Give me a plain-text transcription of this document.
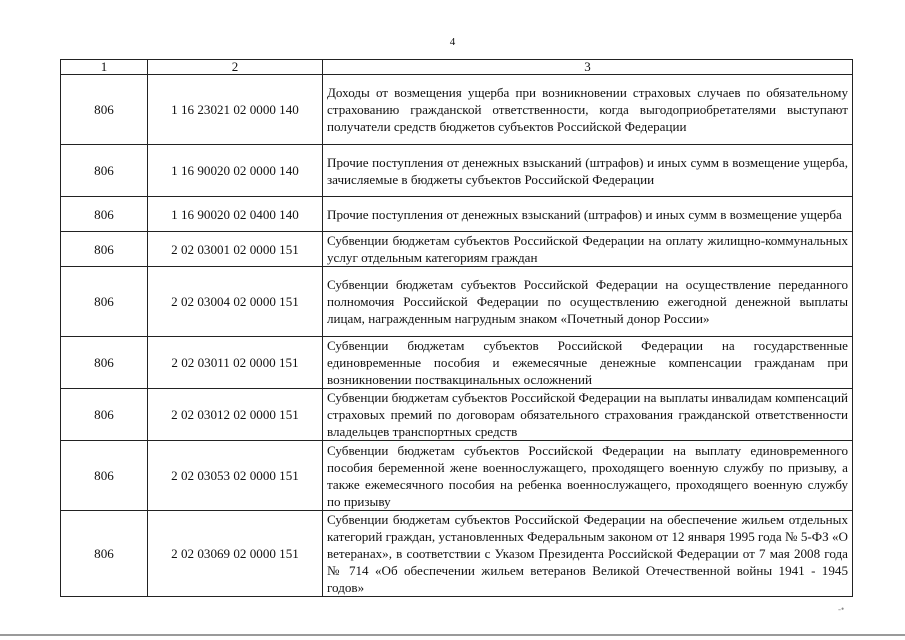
4
1	2	3
806	1 16 23021 02 0000 140	Доходы от возмещения ущерба при возникновении страховых случаев по обязательному страхованию гражданской ответственности, когда выгодоприобретателями выступают получатели средств бюджетов субъектов Российской Федерации
806	1 16 90020 02 0000 140	Прочие поступления от денежных взысканий (штрафов) и иных сумм в возмещение ущерба, зачисляемые в бюджеты субъектов Российской Федерации
806	1 16 90020 02 0400 140	Прочие поступления от денежных взысканий (штрафов) и иных сумм в возмещение ущерба
806	2 02 03001 02 0000 151	Субвенции бюджетам субъектов Российской Федерации на оплату жилищно-коммунальных услуг отдельным категориям граждан
806	2 02 03004 02 0000 151	Субвенции бюджетам субъектов Российской Федерации на осуществление переданного полномочия Российской Федерации по осуществлению ежегодной денежной выплаты лицам, награжденным нагрудным знаком «Почетный донор России»
806	2 02 03011 02 0000 151	Субвенции бюджетам субъектов Российской Федерации на государственные единовременные пособия и ежемесячные денежные компенсации гражданам при возникновении поствакцинальных осложнений
806	2 02 03012 02 0000 151	Субвенции бюджетам субъектов Российской Федерации на выплаты инвалидам компенсаций страховых премий по договорам обязательного страхования гражданской ответственности владельцев транспортных средств
806	2 02 03053 02 0000 151	Субвенции бюджетам субъектов Российской Федерации на выплату единовременного пособия беременной жене военнослужащего, проходящего военную службу по призыву, а также ежемесячного пособия на ребенка военнослужащего, проходящего военную службу по призыву
806	2 02 03069 02 0000 151	Субвенции бюджетам субъектов Российской Федерации на обеспечение жильем отдельных категорий граждан, установленных Федеральным законом от 12 января 1995 года № 5-ФЗ «О ветеранах», в соответствии с Указом Президента Российской Федерации от 7 мая 2008 года № 714 «Об обеспечении жильем ветеранов Великой Отечественной войны 1941 - 1945 годов»
-•
